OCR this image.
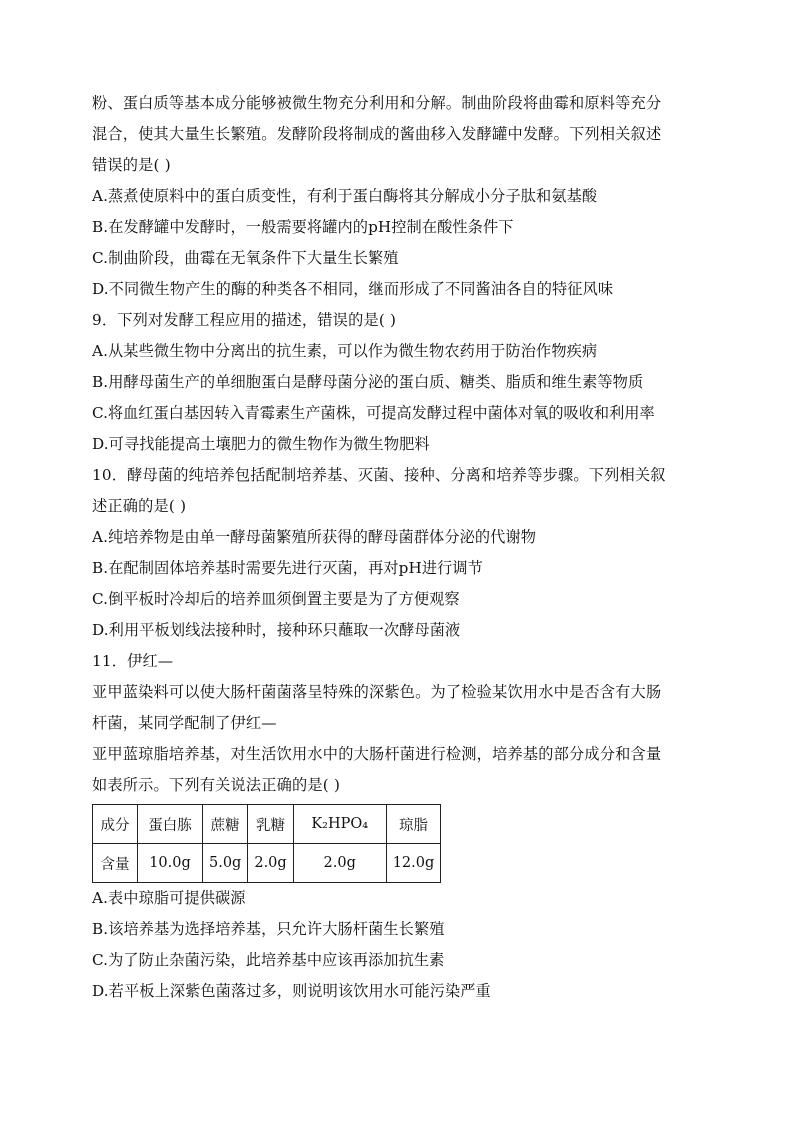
粉、蛋白质等基本成分能够被微生物充分利用和分解。制曲阶段将曲霉和原料等充分
混合，使其大量生长繁殖。发酵阶段将制成的酱曲移入发酵罐中发酵。下列相关叙述
错误的是( )
A.蒸煮使原料中的蛋白质变性，有利于蛋白酶将其分解成小分子肽和氨基酸
B.在发酵罐中发酵时，一般需要将罐内的pH控制在酸性条件下
C.制曲阶段，曲霉在无氧条件下大量生长繁殖
D.不同微生物产生的酶的种类各不相同，继而形成了不同酱油各自的特征风味
9．下列对发酵工程应用的描述，错误的是( )
A.从某些微生物中分离出的抗生素，可以作为微生物农药用于防治作物疾病
B.用酵母菌生产的单细胞蛋白是酵母菌分泌的蛋白质、糖类、脂质和维生素等物质
C.将血红蛋白基因转入青霉素生产菌株，可提高发酵过程中菌体对氧的吸收和利用率
D.可寻找能提高土壤肥力的微生物作为微生物肥料
10．酵母菌的纯培养包括配制培养基、灭菌、接种、分离和培养等步骤。下列相关叙
述正确的是( )
A.纯培养物是由单一酵母菌繁殖所获得的酵母菌群体分泌的代谢物
B.在配制固体培养基时需要先进行灭菌，再对pH进行调节
C.倒平板时冷却后的培养皿须倒置主要是为了方便观察
D.利用平板划线法接种时，接种环只蘸取一次酵母菌液
11．伊红—
亚甲蓝染料可以使大肠杆菌菌落呈特殊的深紫色。为了检验某饮用水中是否含有大肠
杆菌，某同学配制了伊红—
亚甲蓝琼脂培养基，对生活饮用水中的大肠杆菌进行检测，培养基的部分成分和含量
如表所示。下列有关说法正确的是( )
成分	蛋白胨	蔗糖	乳糖	K₂HPO₄	琼脂
含量	10.0g	5.0g	2.0g	2.0g	12.0g
A.表中琼脂可提供碳源
B.该培养基为选择培养基，只允许大肠杆菌生长繁殖
C.为了防止杂菌污染，此培养基中应该再添加抗生素
D.若平板上深紫色菌落过多，则说明该饮用水可能污染严重
